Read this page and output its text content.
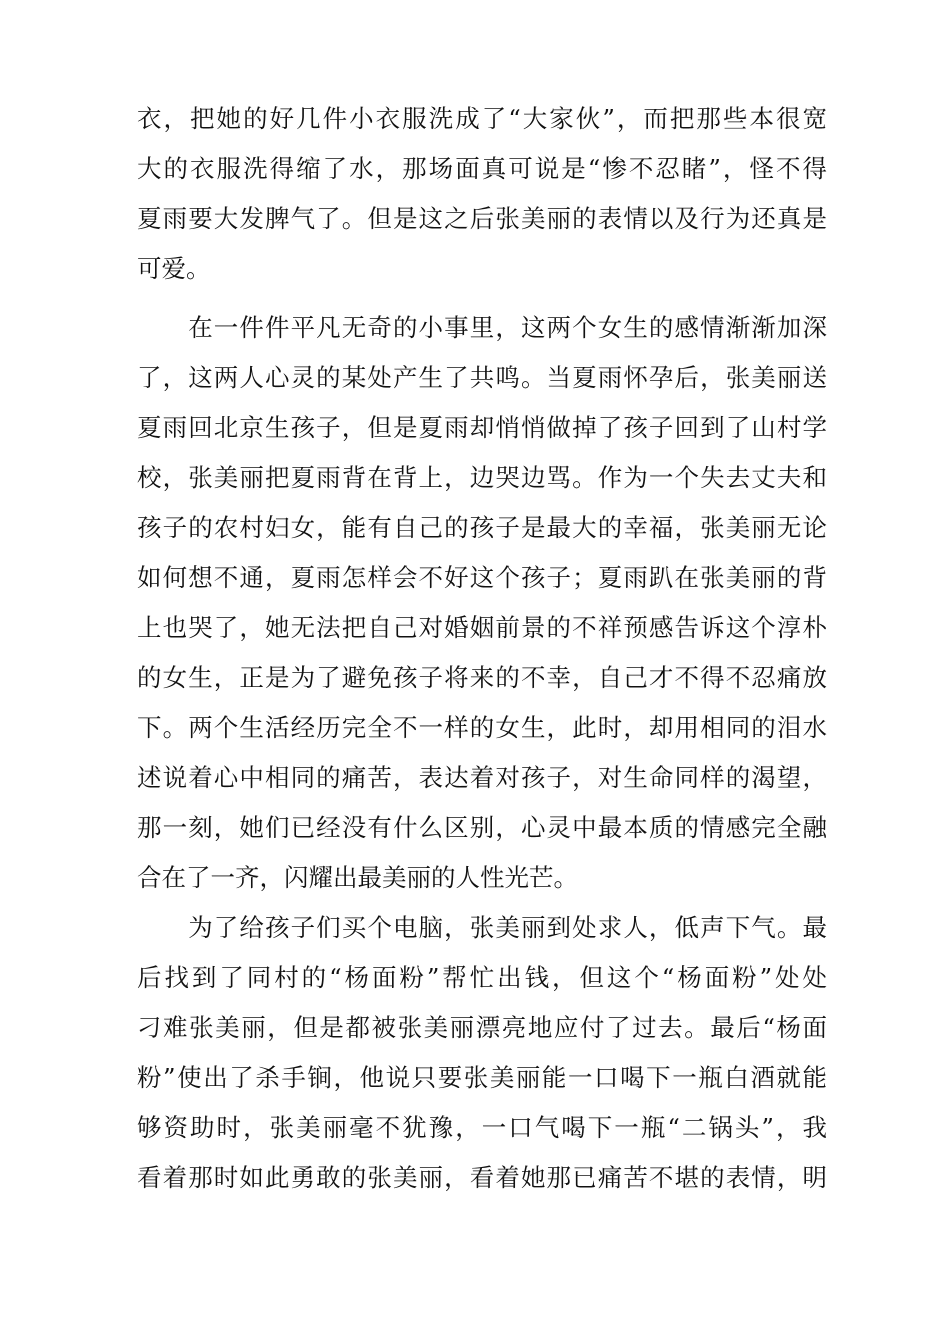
衣，把她的好几件小衣服洗成了“大家伙”，而把那些本很宽
大的衣服洗得缩了水，那场面真可说是“惨不忍睹”，怪不得
夏雨要大发脾气了。但是这之后张美丽的表情以及行为还真是
可爱。
　　在一件件平凡无奇的小事里，这两个女生的感情渐渐加深
了，这两人心灵的某处产生了共鸣。当夏雨怀孕后，张美丽送
夏雨回北京生孩子，但是夏雨却悄悄做掉了孩子回到了山村学
校，张美丽把夏雨背在背上，边哭边骂。作为一个失去丈夫和
孩子的农村妇女，能有自己的孩子是最大的幸福，张美丽无论
如何想不通，夏雨怎样会不好这个孩子；夏雨趴在张美丽的背
上也哭了，她无法把自己对婚姻前景的不祥预感告诉这个淳朴
的女生，正是为了避免孩子将来的不幸，自己才不得不忍痛放
下。两个生活经历完全不一样的女生，此时，却用相同的泪水
述说着心中相同的痛苦，表达着对孩子，对生命同样的渴望，
那一刻，她们已经没有什么区别，心灵中最本质的情感完全融
合在了一齐，闪耀出最美丽的人性光芒。
　　为了给孩子们买个电脑，张美丽到处求人，低声下气。最
后找到了同村的“杨面粉”帮忙出钱，但这个“杨面粉”处处
刁难张美丽，但是都被张美丽漂亮地应付了过去。最后“杨面
粉”使出了杀手锏，他说只要张美丽能一口喝下一瓶白酒就能
够资助时，张美丽毫不犹豫，一口气喝下一瓶“二锅头”，我
看着那时如此勇敢的张美丽，看着她那已痛苦不堪的表情，明
